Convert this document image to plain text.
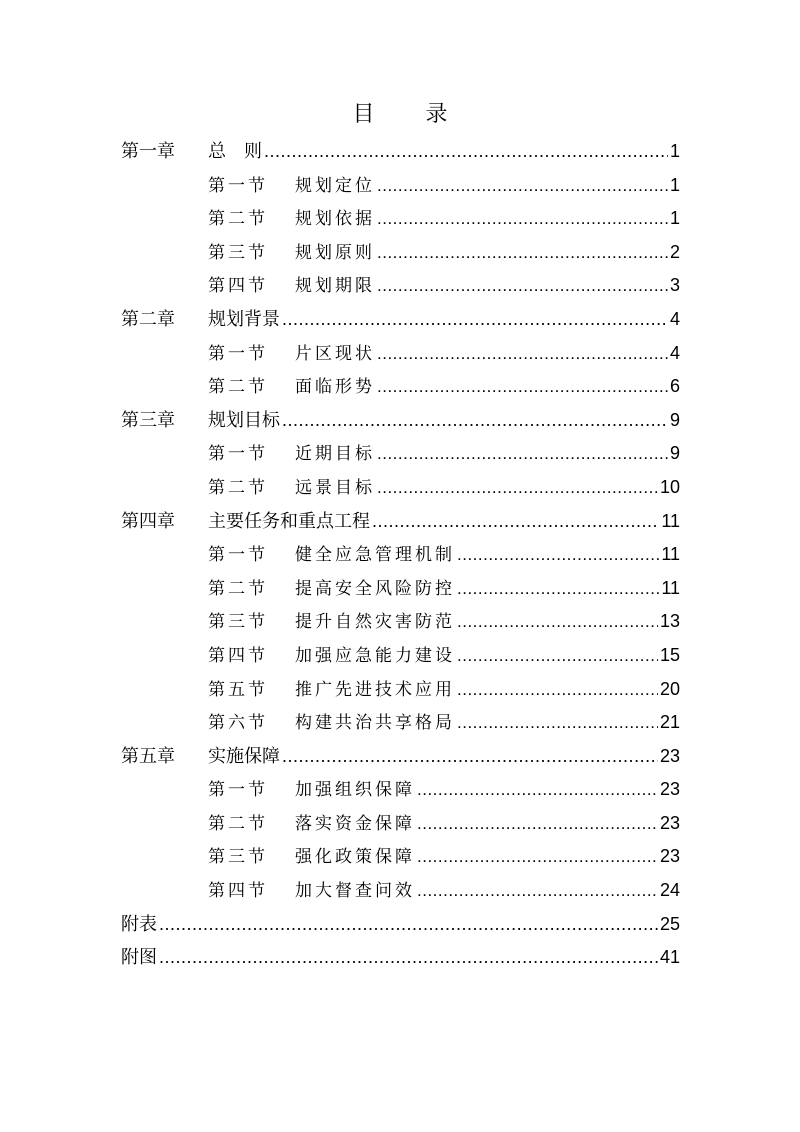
目 录
第一章	总　则 .....	1
第一节	规划定位 .....	1
第二节	规划依据 .....	1
第三节	规划原则 .....	2
第四节	规划期限 .....	3
第二章	规划背景 .....	4
第一节	片区现状 .....	4
第二节	面临形势 .....	6
第三章	规划目标 .....	9
第一节	近期目标 .....	9
第二节	远景目标 .....	10
第四章	主要任务和重点工程 .....	11
第一节	健全应急管理机制 .....	11
第二节	提高安全风险防控 .....	11
第三节	提升自然灾害防范 .....	13
第四节	加强应急能力建设 .....	15
第五节	推广先进技术应用 .....	20
第六节	构建共治共享格局 .....	21
第五章	实施保障 .....	23
第一节	加强组织保障 .....	23
第二节	落实资金保障 .....	23
第三节	强化政策保障 .....	23
第四节	加大督查问效 .....	24
附表 .....	25
附图 .....	41
